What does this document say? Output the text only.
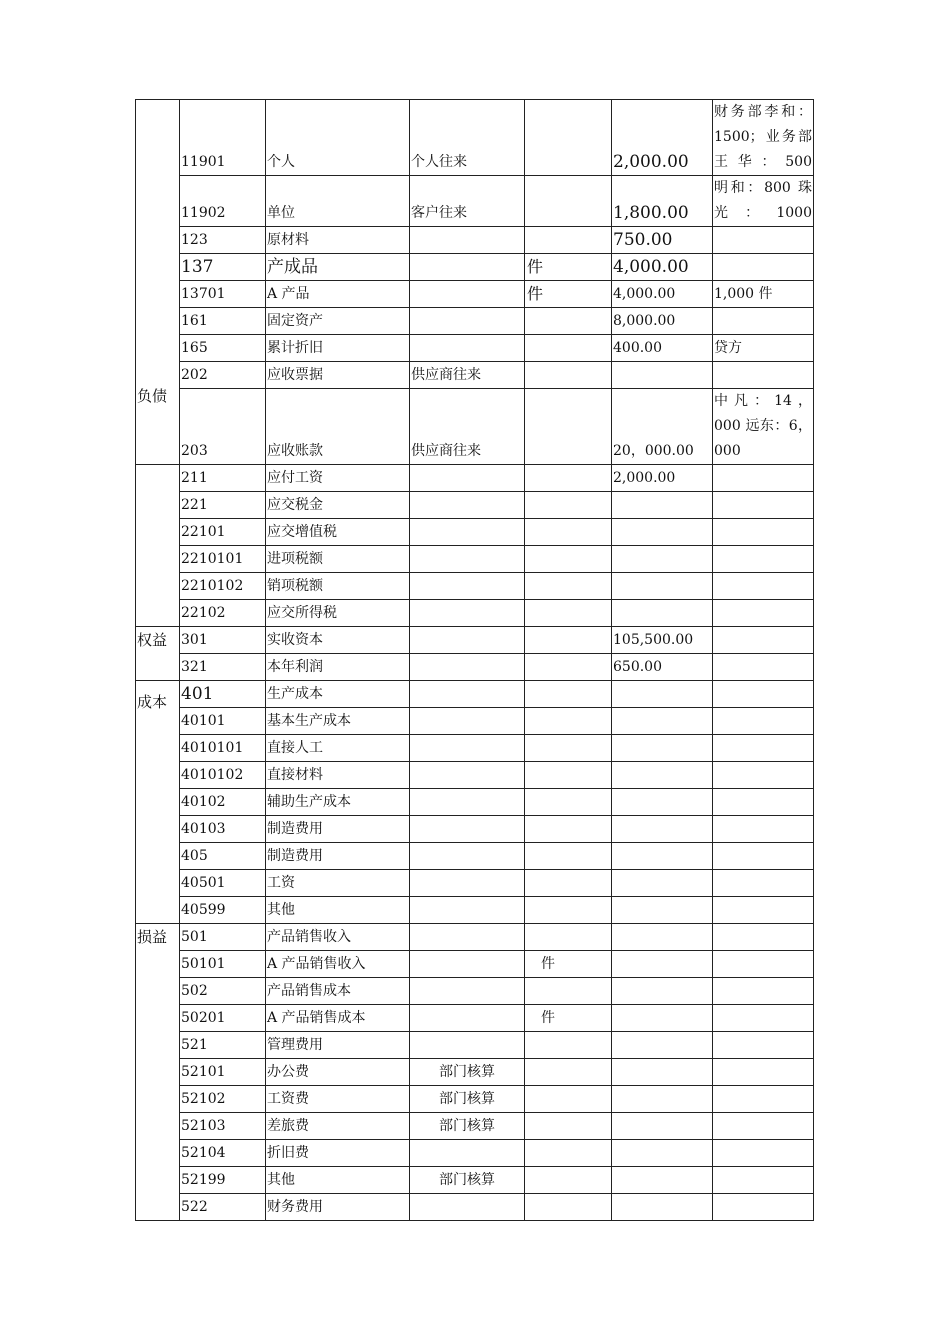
	11901	个人	个人往来		2,000.00	财务部李和：1500；业务部王华：500
	11902	单位	客户往来		1,800.00	明和：800 珠光：1000
	123	原材料			750.00	
	137	产成品		件	4,000.00	
	13701	A 产品		件	4,000.00	1,000 件
	161	固定资产			8,000.00	
	165	累计折旧			400.00	贷方
	202	应收票据	供应商往来			
	203	应收账款	供应商往来		20，000.00	中凡：14，000 远东：6，000

负债	211	应付工资			2,000.00	
	221	应交税金				
	22101	应交增值税				
	2210101	进项税额				
	2210102	销项税额				
	22102	应交所得税				
权益	301	实收资本			105,500.00	
	321	本年利润			650.00	
成本	401	生产成本				
	40101	基本生产成本				
	4010101	直接人工				
	4010102	直接材料				
	40102	辅助生产成本				
	40103	制造费用				
	405	制造费用				
	40501	工资				
	40599	其他				
损益	501	产品销售收入				
	50101	A 产品销售收入		件		
	502	产品销售成本				
	50201	A 产品销售成本		件		
	521	管理费用				
	52101	办公费	部门核算			
	52102	工资费	部门核算			
	52103	差旅费	部门核算			
	52104	折旧费				
	52199	其他	部门核算			
	522	财务费用				
